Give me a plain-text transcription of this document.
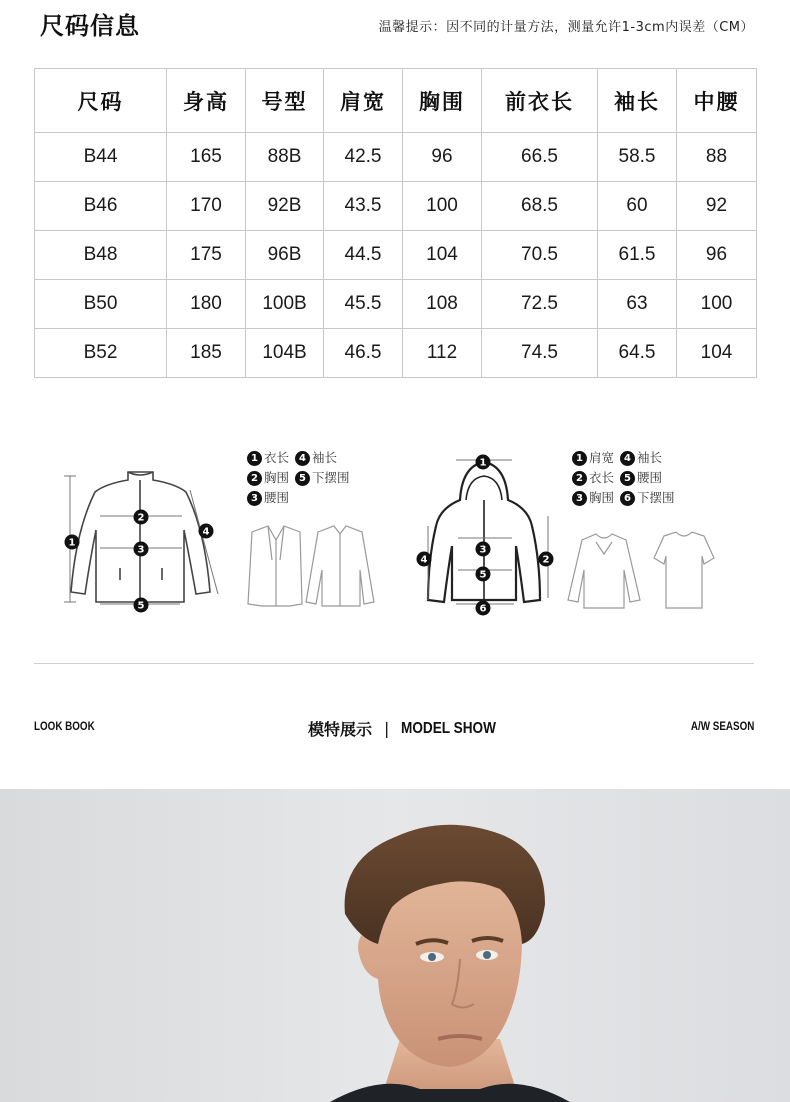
尺码信息	温馨提示：因不同的计量方法，测量允许1-3cm内误差（CM）
尺码	身高	号型	肩宽	胸围	前衣长	袖长	中腰
B44	165	88B	42.5	96	66.5	58.5	88
B46	170	92B	43.5	100	68.5	60	92
B48	175	96B	44.5	104	70.5	61.5	96
B50	180	100B	45.5	108	72.5	63	100
B52	185	104B	46.5	112	74.5	64.5	104
1
2
3
4
5
1
2
3
4
5
6
1 衣长	4 袖长
2 胸围	5 下摆围
3 腰围
1 肩宽	4 袖长
2 衣长	5 腰围
3 胸围	6 下摆围
LOOK BOOK	模特展示 | MODEL SHOW	A/W SEASON
